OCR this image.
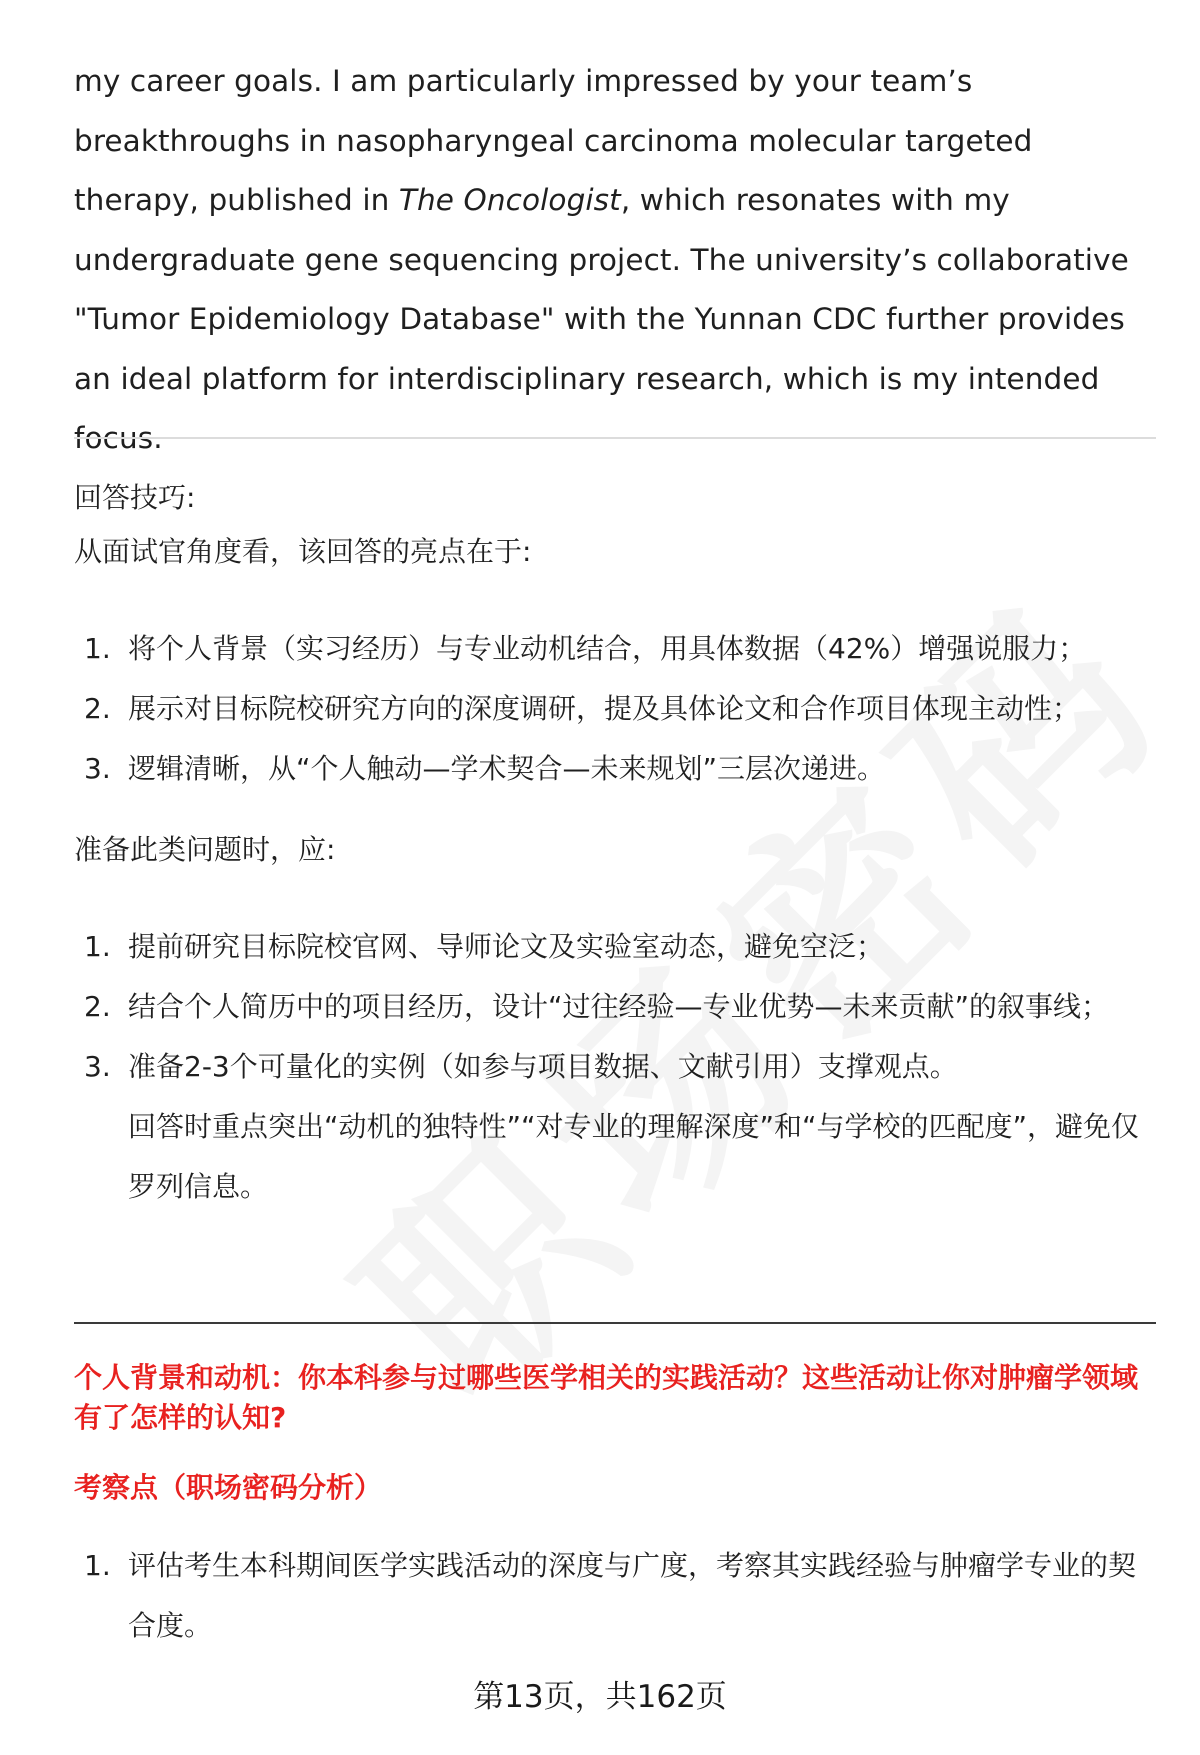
my career goals. I am particularly impressed by your team’s breakthroughs in nasopharyngeal carcinoma molecular targeted therapy, published in The Oncologist, which resonates with my undergraduate gene sequencing project. The university’s collaborative "Tumor Epidemiology Database" with the Yunnan CDC further provides an ideal platform for interdisciplinary research, which is my intended focus.

回答技巧:

从面试官角度看，该回答的亮点在于:

1. 将个人背景（实习经历）与专业动机结合，用具体数据（42%）增强说服力；
2. 展示对目标院校研究方向的深度调研，提及具体论文和合作项目体现主动性；
3. 逻辑清晰，从“个人触动—学术契合—未来规划”三层次递进。

准备此类问题时，应:

1. 提前研究目标院校官网、导师论文及实验室动态，避免空泛；
2. 结合个人简历中的项目经历，设计“过往经验—专业优势—未来贡献”的叙事线；
3. 准备2-3个可量化的实例（如参与项目数据、文献引用）支撑观点。
回答时重点突出“动机的独特性”“对专业的理解深度”和“与学校的匹配度”，避免仅罗列信息。

个人背景和动机：你本科参与过哪些医学相关的实践活动？这些活动让你对肿瘤学领域有了怎样的认知?

考察点（职场密码分析）

1. 评估考生本科期间医学实践活动的深度与广度，考察其实践经验与肿瘤学专业的契合度。
第13页，共162页
